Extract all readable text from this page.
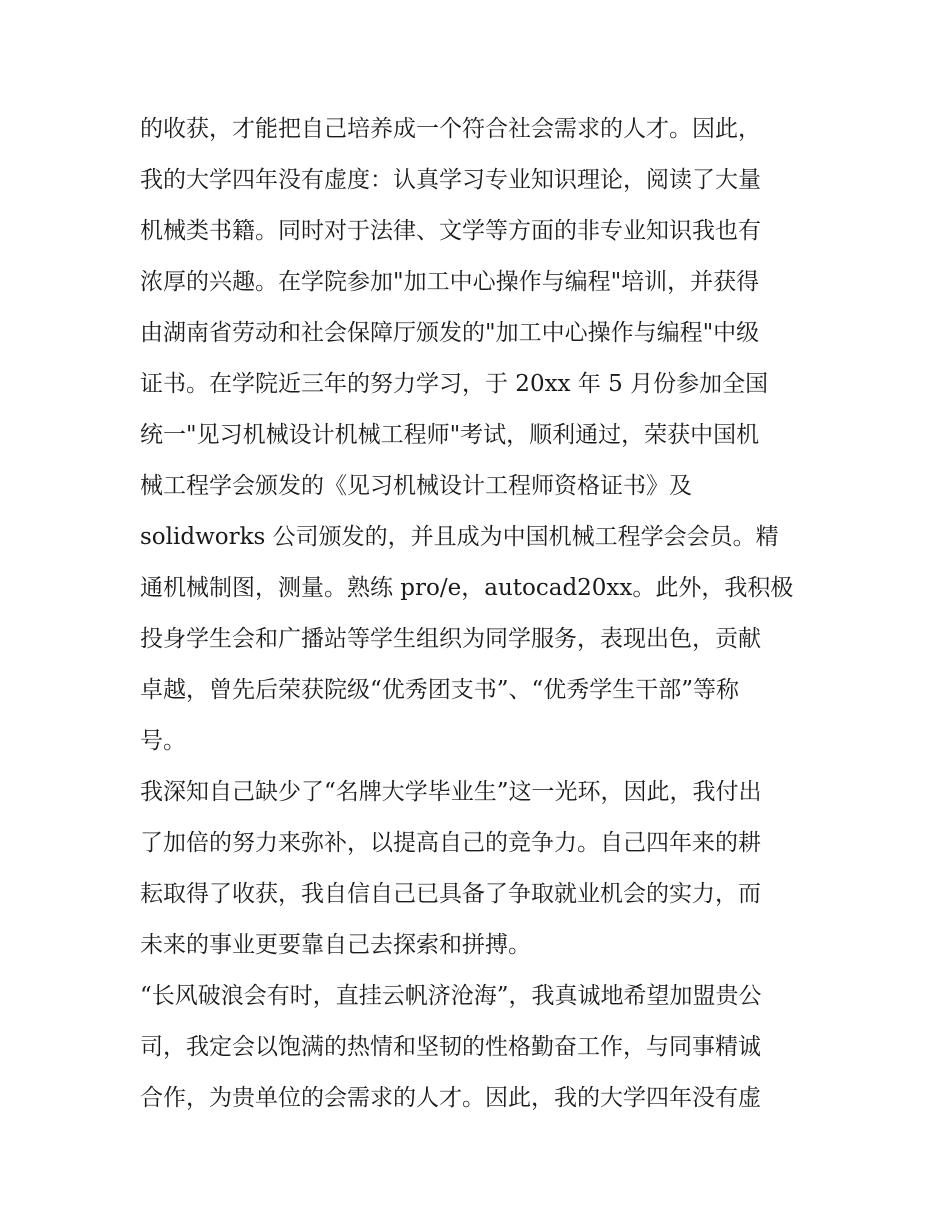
的收获，才能把自己培养成一个符合社会需求的人才。因此，
我的大学四年没有虚度：认真学习专业知识理论，阅读了大量
机械类书籍。同时对于法律、文学等方面的非专业知识我也有
浓厚的兴趣。在学院参加"加工中心操作与编程"培训，并获得
由湖南省劳动和社会保障厅颁发的"加工中心操作与编程"中级
证书。在学院近三年的努力学习，于 20xx 年 5 月份参加全国
统一"见习机械设计机械工程师"考试，顺利通过，荣获中国机
械工程学会颁发的《见习机械设计工程师资格证书》及
solidworks 公司颁发的，并且成为中国机械工程学会会员。精
通机械制图，测量。熟练 pro/e，autocad20xx。此外，我积极
投身学生会和广播站等学生组织为同学服务，表现出色，贡献
卓越，曾先后荣获院级“优秀团支书”、“优秀学生干部”等称
号。
我深知自己缺少了“名牌大学毕业生”这一光环，因此，我付出
了加倍的努力来弥补，以提高自己的竞争力。自己四年来的耕
耘取得了收获，我自信自己已具备了争取就业机会的实力，而
未来的事业更要靠自己去探索和拼搏。
“长风破浪会有时，直挂云帆济沧海”，我真诚地希望加盟贵公
司，我定会以饱满的热情和坚韧的性格勤奋工作，与同事精诚
合作，为贵单位的会需求的人才。因此，我的大学四年没有虚
